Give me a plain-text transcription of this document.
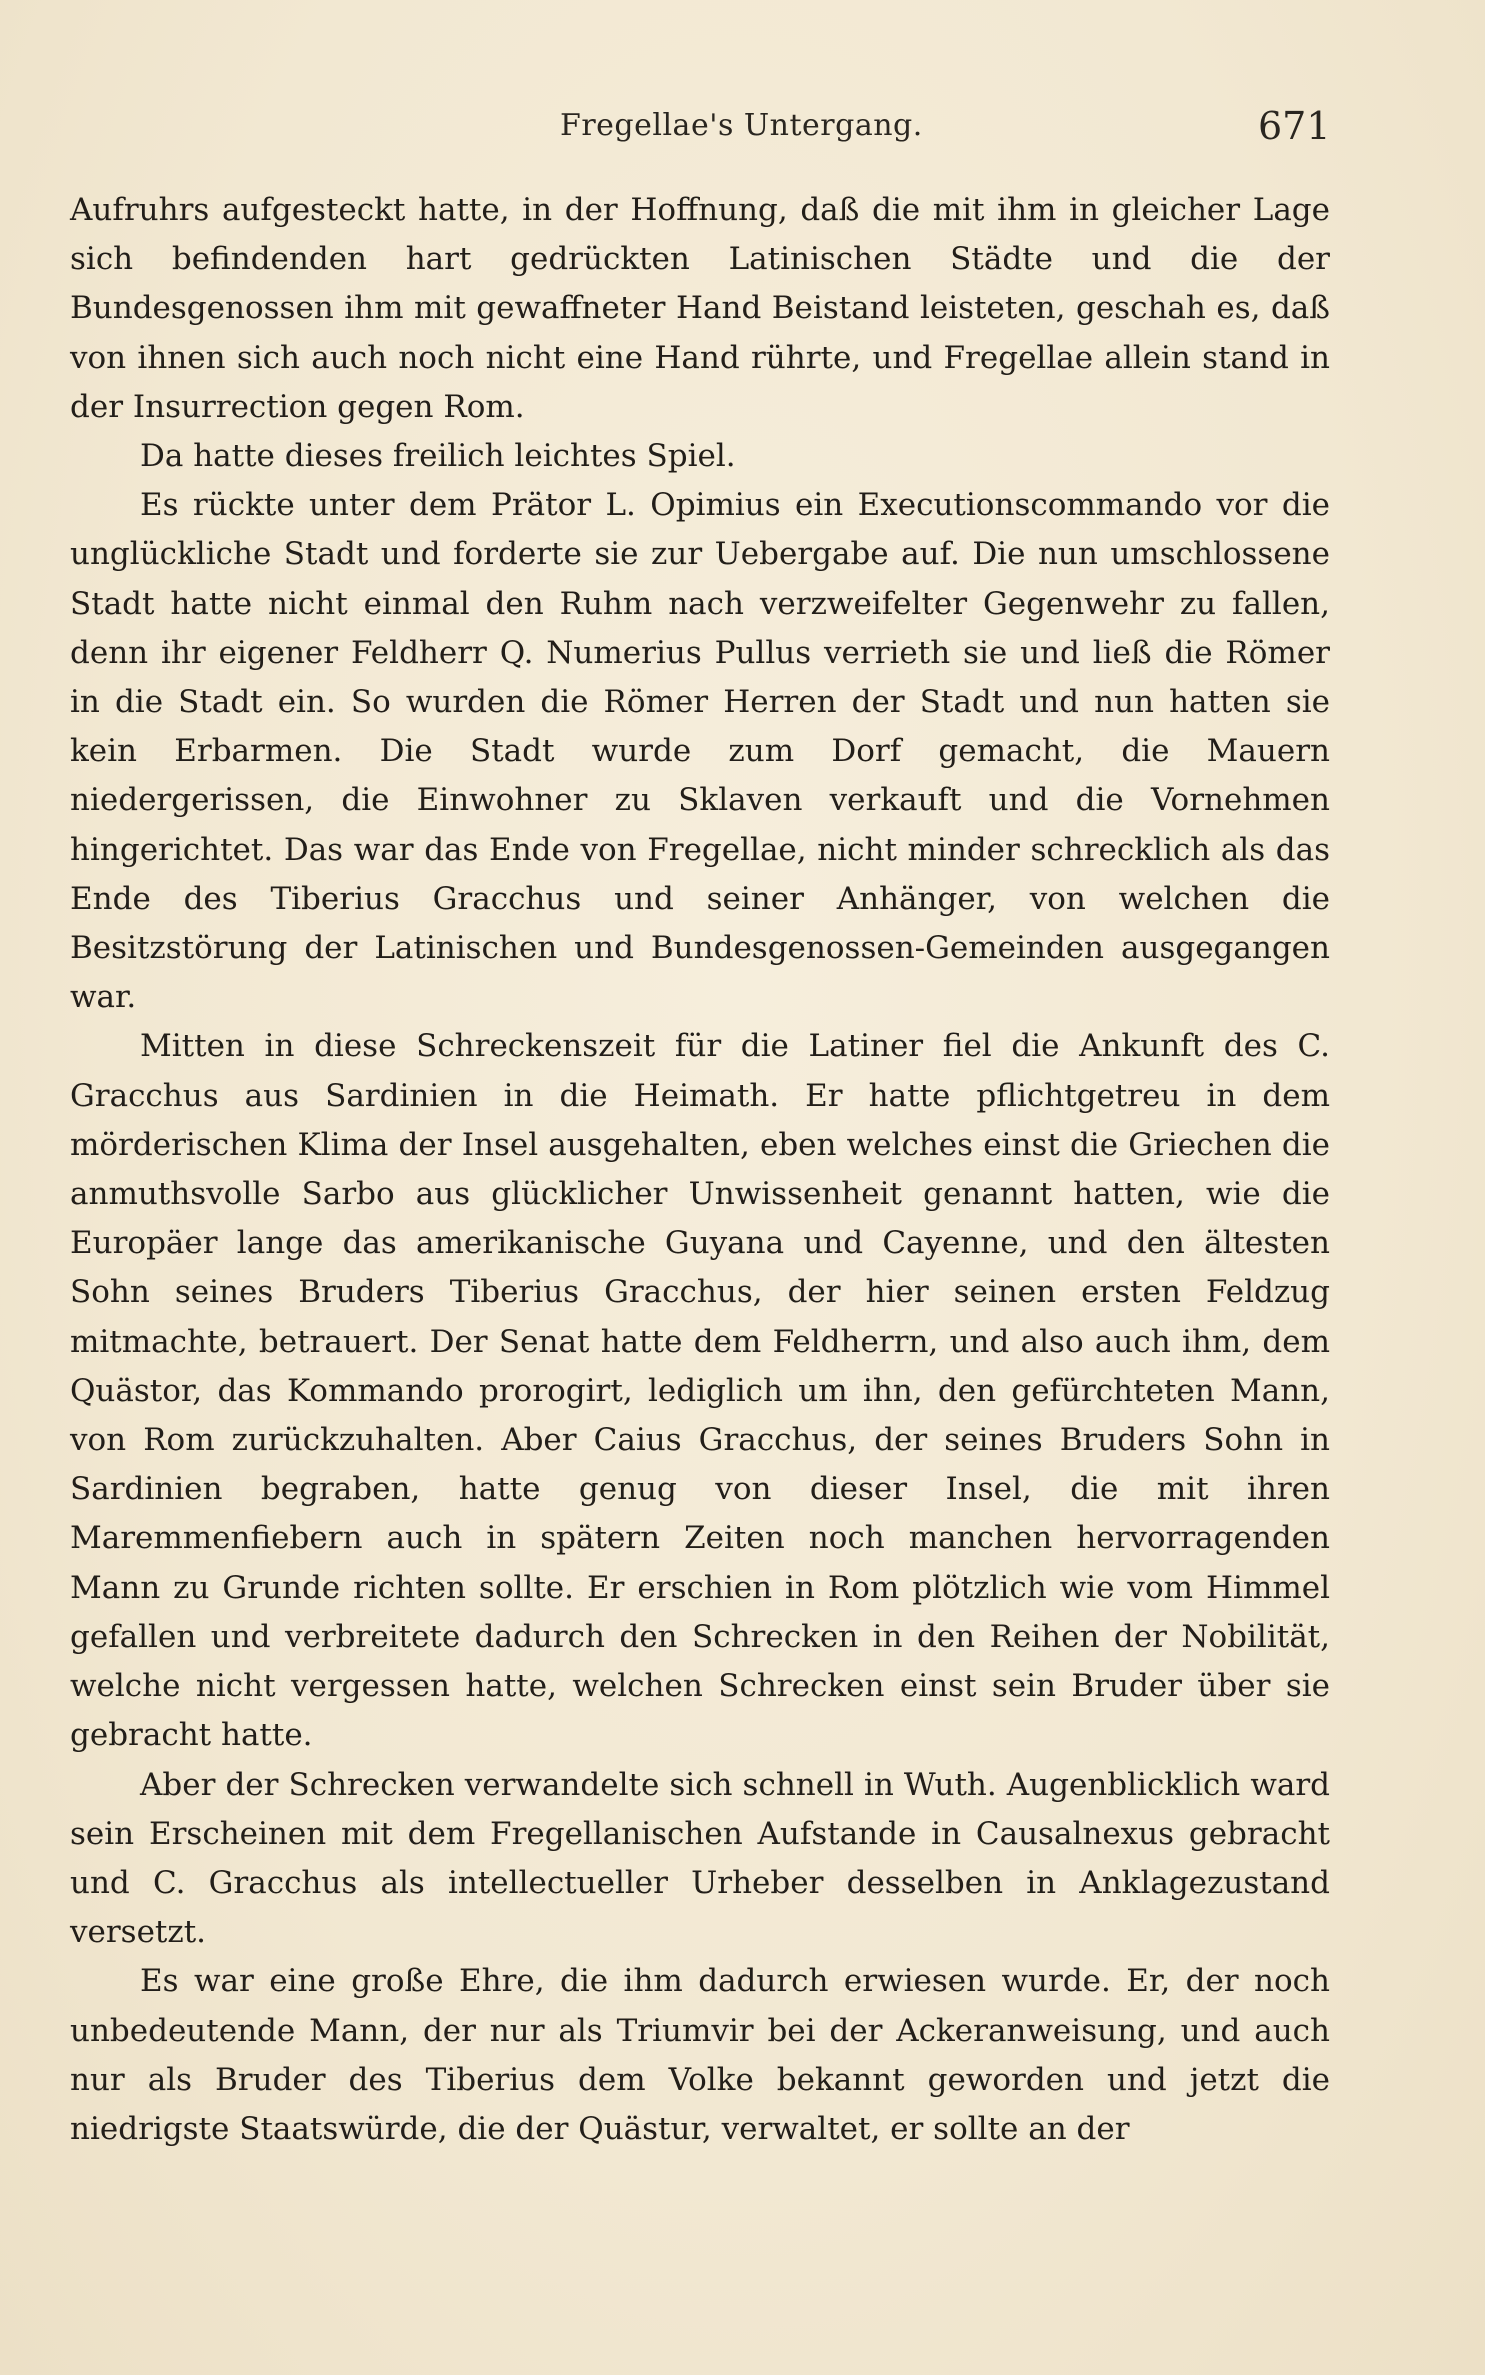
Fregellae's Untergang.	671

Aufruhrs aufgesteckt hatte, in der Hoffnung, daß die mit ihm in gleicher Lage sich befindenden hart gedrückten Latinischen Städte und die der Bundesgenossen ihm mit gewaffneter Hand Beistand leisteten, geschah es, daß von ihnen sich auch noch nicht eine Hand rührte, und Fregellae allein stand in der Insurrection gegen Rom.

Da hatte dieses freilich leichtes Spiel.

Es rückte unter dem Prätor L. Opimius ein Executionscommando vor die unglückliche Stadt und forderte sie zur Uebergabe auf. Die nun umschlossene Stadt hatte nicht einmal den Ruhm nach verzweifelter Gegenwehr zu fallen, denn ihr eigener Feldherr Q. Numerius Pullus verrieth sie und ließ die Römer in die Stadt ein. So wurden die Römer Herren der Stadt und nun hatten sie kein Erbarmen. Die Stadt wurde zum Dorf gemacht, die Mauern niedergerissen, die Einwohner zu Sklaven verkauft und die Vornehmen hingerichtet. Das war das Ende von Fregellae, nicht minder schrecklich als das Ende des Tiberius Gracchus und seiner Anhänger, von welchen die Besitzstörung der Latinischen und Bundesgenossen-Gemeinden ausgegangen war.

Mitten in diese Schreckenszeit für die Latiner fiel die Ankunft des C. Gracchus aus Sardinien in die Heimath. Er hatte pflichtgetreu in dem mörderischen Klima der Insel ausgehalten, eben welches einst die Griechen die anmuthsvolle Sarbo aus glücklicher Unwissenheit genannt hatten, wie die Europäer lange das amerikanische Guyana und Cayenne, und den ältesten Sohn seines Bruders Tiberius Gracchus, der hier seinen ersten Feldzug mitmachte, betrauert. Der Senat hatte dem Feldherrn, und also auch ihm, dem Quästor, das Kommando prorogirt, lediglich um ihn, den gefürchteten Mann, von Rom zurückzuhalten. Aber Caius Gracchus, der seines Bruders Sohn in Sardinien begraben, hatte genug von dieser Insel, die mit ihren Maremmenfiebern auch in spätern Zeiten noch manchen hervorragenden Mann zu Grunde richten sollte. Er erschien in Rom plötzlich wie vom Himmel gefallen und verbreitete dadurch den Schrecken in den Reihen der Nobilität, welche nicht vergessen hatte, welchen Schrecken einst sein Bruder über sie gebracht hatte.

Aber der Schrecken verwandelte sich schnell in Wuth. Augenblicklich ward sein Erscheinen mit dem Fregellanischen Aufstande in Causalnexus gebracht und C. Gracchus als intellectueller Urheber desselben in Anklagezustand versetzt.

Es war eine große Ehre, die ihm dadurch erwiesen wurde. Er, der noch unbedeutende Mann, der nur als Triumvir bei der Ackeranweisung, und auch nur als Bruder des Tiberius dem Volke bekannt geworden und jetzt die niedrigste Staatswürde, die der Quästur, verwaltet, er sollte an der
